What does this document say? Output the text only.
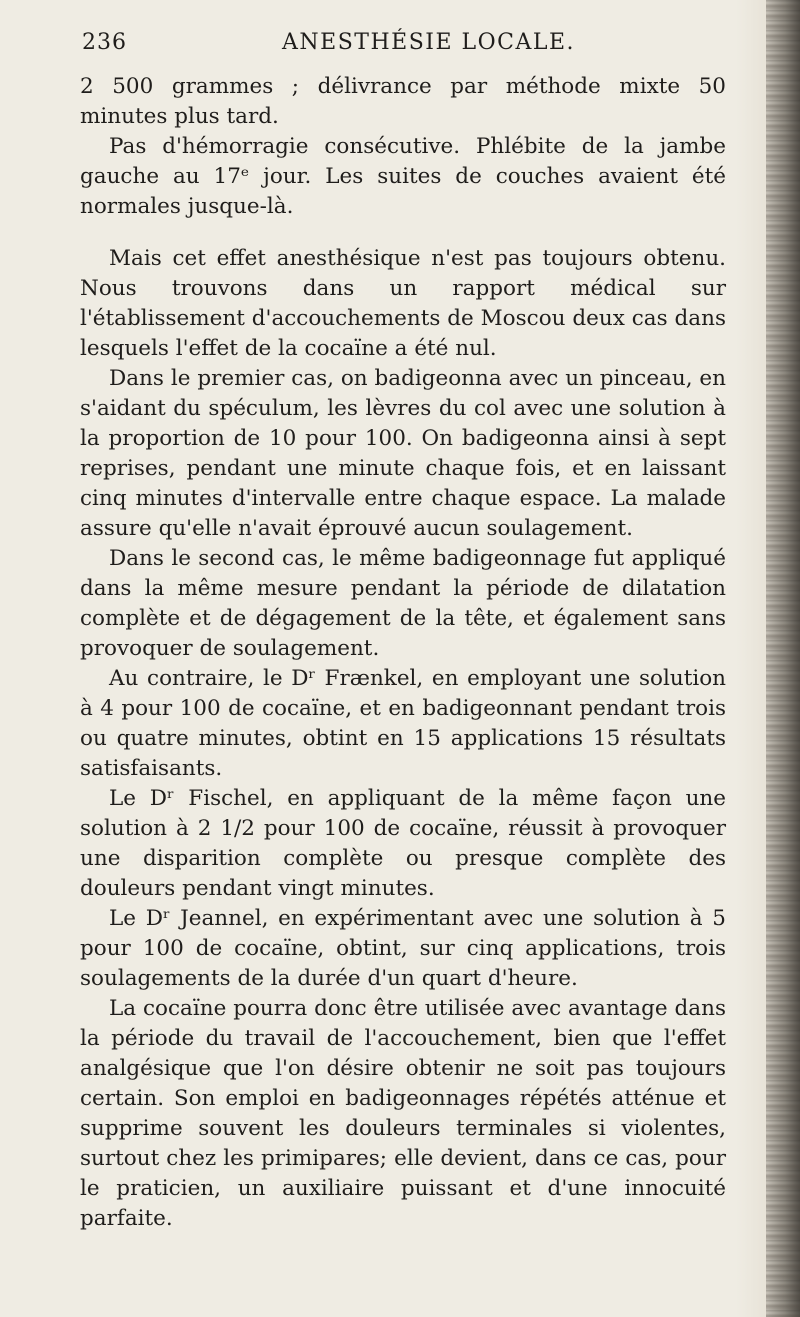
236	ANESTHÉSIE LOCALE.

2 500 grammes ; délivrance par méthode mixte 50 minutes plus tard.

Pas d'hémorragie consécutive. Phlébite de la jambe gauche au 17ᵉ jour. Les suites de couches avaient été normales jusque-là.

Mais cet effet anesthésique n'est pas toujours obtenu. Nous trouvons dans un rapport médical sur l'établissement d'accouchements de Moscou deux cas dans lesquels l'effet de la cocaïne a été nul.

Dans le premier cas, on badigeonna avec un pinceau, en s'aidant du spéculum, les lèvres du col avec une solution à la proportion de 10 pour 100. On badigeonna ainsi à sept reprises, pendant une minute chaque fois, et en laissant cinq minutes d'intervalle entre chaque espace. La malade assure qu'elle n'avait éprouvé aucun soulagement.

Dans le second cas, le même badigeonnage fut appliqué dans la même mesure pendant la période de dilatation complète et de dégagement de la tête, et également sans provoquer de soulagement.

Au contraire, le Dʳ Frænkel, en employant une solution à 4 pour 100 de cocaïne, et en badigeonnant pendant trois ou quatre minutes, obtint en 15 applications 15 résultats satisfaisants.

Le Dʳ Fischel, en appliquant de la même façon une solution à 2 1/2 pour 100 de cocaïne, réussit à provoquer une disparition complète ou presque complète des douleurs pendant vingt minutes.

Le Dʳ Jeannel, en expérimentant avec une solution à 5 pour 100 de cocaïne, obtint, sur cinq applications, trois soulagements de la durée d'un quart d'heure.

La cocaïne pourra donc être utilisée avec avantage dans la période du travail de l'accouchement, bien que l'effet analgésique que l'on désire obtenir ne soit pas toujours certain. Son emploi en badigeonnages répétés atténue et supprime souvent les douleurs terminales si violentes, surtout chez les primipares; elle devient, dans ce cas, pour le praticien, un auxiliaire puissant et d'une innocuité parfaite.
